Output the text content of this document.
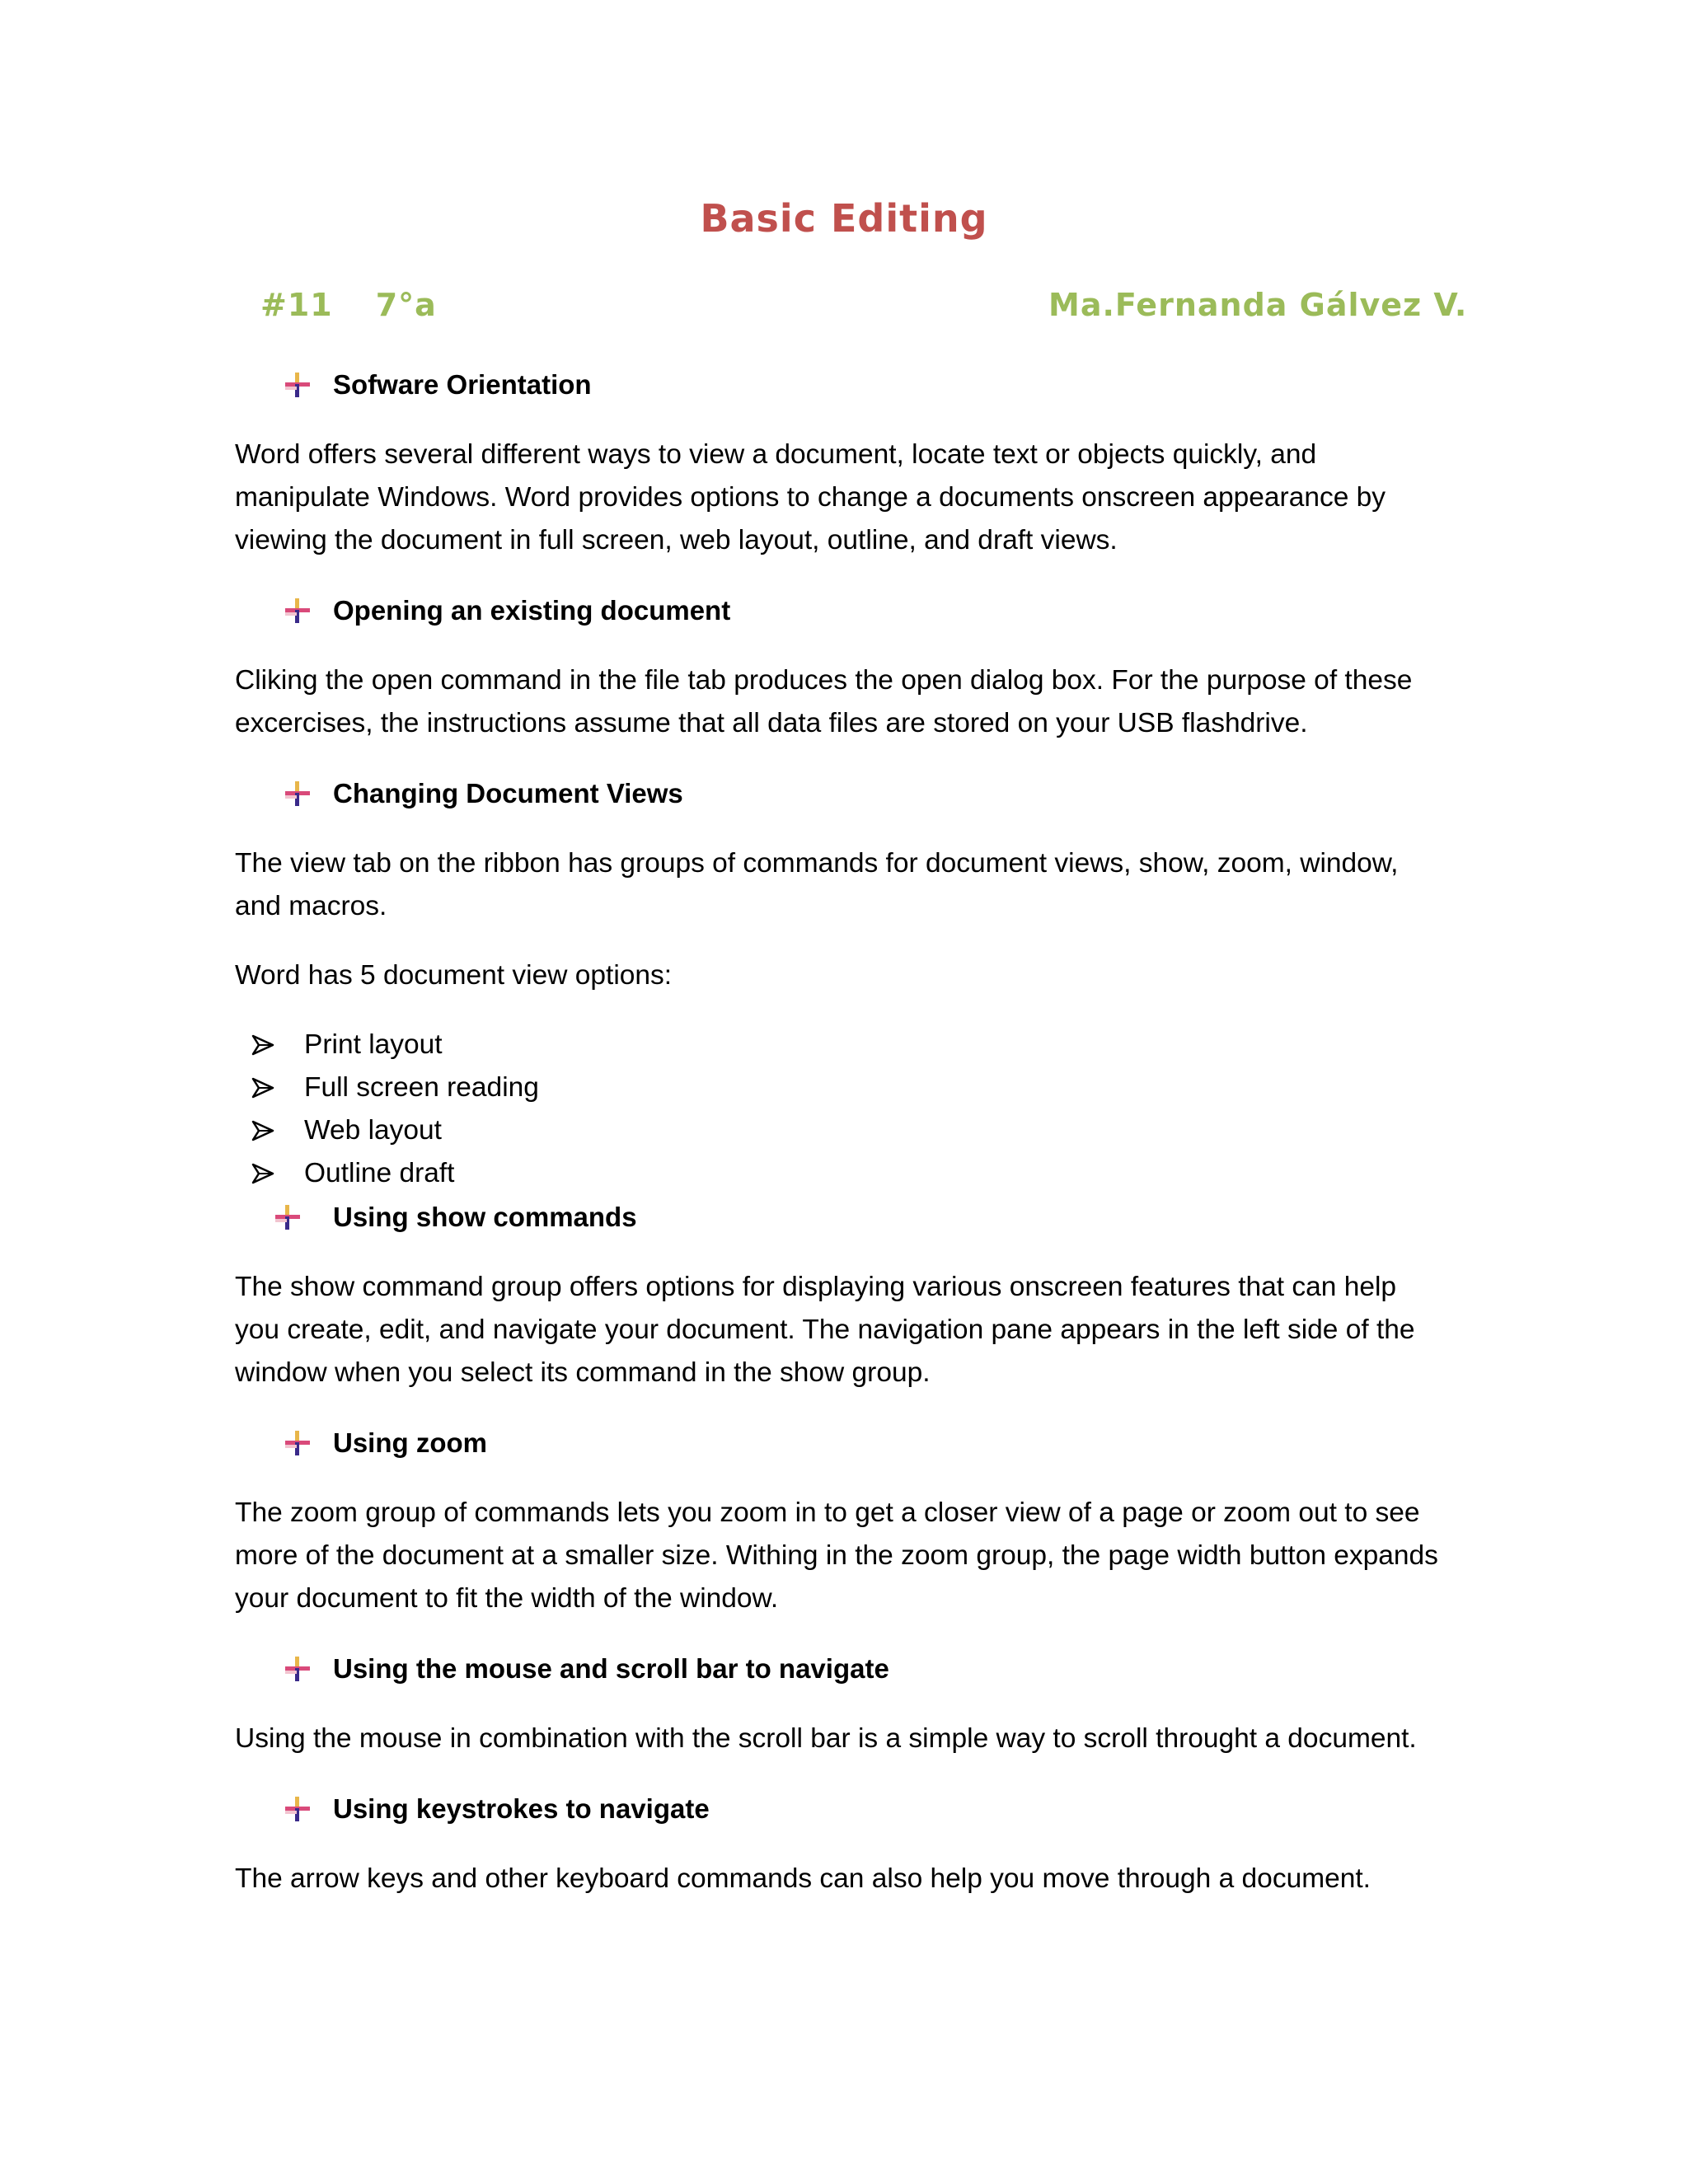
Basic Editing
#11 7°a	Ma.Fernanda Gálvez V.
Sofware Orientation

Word offers several different ways to view a document, locate text or objects quickly, and manipulate Windows. Word provides options to change a documents onscreen appearance by viewing the document in full screen, web layout, outline, and draft views.

Opening an existing document

Cliking the open command in the file tab produces the open dialog box. For the purpose of these excercises, the instructions assume that all data files are stored on your USB flashdrive.

Changing Document Views

The view tab on the ribbon has groups of commands for document views, show, zoom, window, and macros.

Word has 5 document view options:

Print layout
Full screen reading
Web layout
Outline draft
Using show commands

The show command group offers options for displaying various onscreen features that can help you create, edit, and navigate your document. The navigation pane appears in the left side of the window when you select its command in the show group.

Using zoom

The zoom group of commands lets you zoom in to get a closer view of a page or zoom out to see more of the document at a smaller size. Withing in the zoom group, the page width button expands your document to fit the width of the window.

Using the mouse and scroll bar to navigate

Using the mouse in combination with the scroll bar is a simple way to scroll throught a document.

Using keystrokes to navigate

The arrow keys and other keyboard commands can also help you move through a document.
